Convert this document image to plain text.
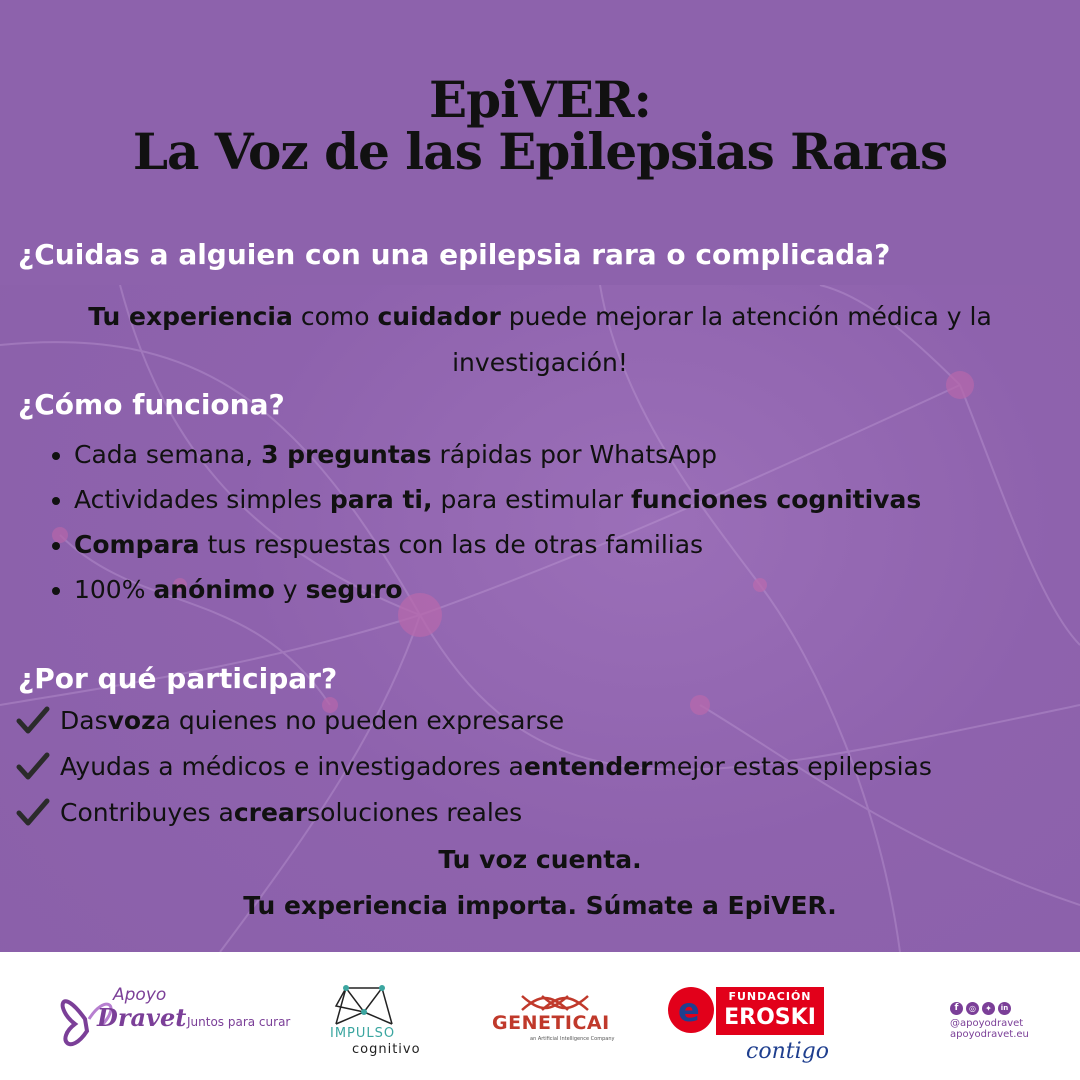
EpiVER:
La Voz de las Epilepsias Raras
¿Cuidas a alguien con una epilepsia rara o complicada?
Tu experiencia como cuidador puede mejorar la atención médica y la investigación!
¿Cómo funciona?
• Cada semana, 3 preguntas rápidas por WhatsApp
• Actividades simples para ti, para estimular funciones cognitivas
• Compara tus respuestas con las de otras familias
• 100% anónimo y seguro
¿Por qué participar?
Das voz a quienes no pueden expresarse
Ayudas a médicos e investigadores a entender mejor estas epilepsias
Contribuyes a crear soluciones reales
Tu voz cuenta.
Tu experiencia importa. Súmate a EpiVER.
Apoyo
Dravet Juntos para curar
IMPULSO
cognitivo
GENETICAI
an Artificial Intelligence Company
e	FUNDACIÓN
EROSKI
contigo
f	◎	✦	in
@apoyodravet
apoyodravet.eu
